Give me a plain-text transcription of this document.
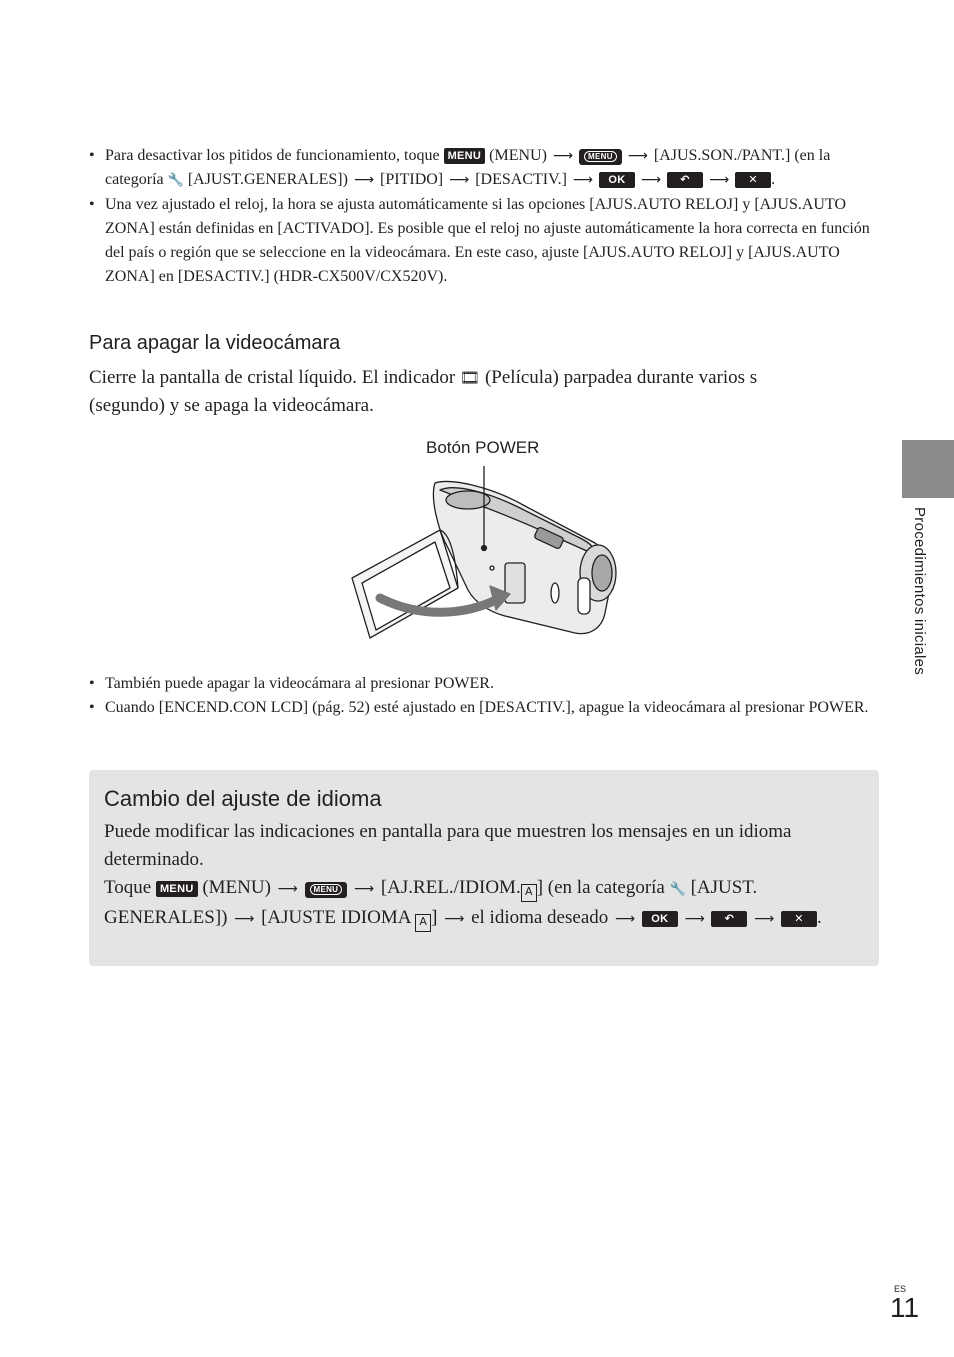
• Para desactivar los pitidos de funcionamiento, toque MENU (MENU) ⟶ MENU ⟶ [AJUS.SON./PANT.] (en la categoría 🔧 [AJUST.GENERALES]) ⟶ [PITIDO] ⟶ [DESACTIV.] ⟶ OK ⟶ ↶ ⟶ ✕ .
• Una vez ajustado el reloj, la hora se ajusta automáticamente si las opciones [AJUS.AUTO RELOJ] y [AJUS.AUTO ZONA] están definidas en [ACTIVADO]. Es posible que el reloj no ajuste automáticamente la hora correcta en función del país o región que se seleccione en la videocámara. En este caso, ajuste [AJUS.AUTO RELOJ] y [AJUS.AUTO ZONA] en [DESACTIV.] (HDR-CX500V/CX520V).
Para apagar la videocámara
Cierre la pantalla de cristal líquido. El indicador 🎞 (Película) parpadea durante varios s (segundo) y se apaga la videocámara.
Botón POWER
• También puede apagar la videocámara al presionar POWER.
• Cuando [ENCEND.CON LCD] (pág. 52) esté ajustado en [DESACTIV.], apague la videocámara al presionar POWER.
Cambio del ajuste de idioma
Puede modificar las indicaciones en pantalla para que muestren los mensajes en un idioma determinado.
Toque MENU (MENU) ⟶ MENU ⟶ [AJ.REL./IDIOM. A ] (en la categoría 🔧 [AJUST. GENERALES]) ⟶ [AJUSTE IDIOMA A ] ⟶ el idioma deseado ⟶ OK ⟶ ↶ ⟶ ✕ .
Procedimientos iniciales
ES
11
